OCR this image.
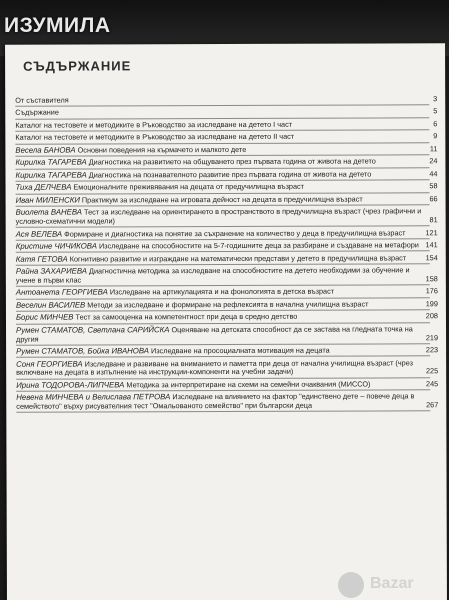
ИЗУМИЛА
СЪДЪРЖАНИЕ
От съставителя	3
Съдържание	5
Каталог на тестовете и методиките в Ръководство за изследване на детето I част	6
Каталог на тестовете и методиките в Ръководство за изследване на детето II част	9
Веселa БАНОВА Основни поведения на кърмачето и малкото дете	11
Кирилка ТАГАРЕВА Диагностика на развитието на общуването през първата година от живота на детето	24
Кирилка ТАГАРЕВА Диагностика на познавателното развитие през първата година от живота на детето	44
Тихa ДЕЛЧЕВА Емоционалните преживявания на децата от предучилищна възраст	58
Иван МИЛЕНСКИ Практикум за изследване на игровата дейност на децата в предучилищна възраст	66
Виолета ВАНЕВА Тест за изследване на ориентирането в пространството в предучилищна възраст (чрез графични и условно-схематични модели)	81
Ася ВЕЛЕВА Формиране и диагностика на понятие за съхранение на количество у деца в предучилищна възраст	121
Кристине ЧИЧИКОВА Изследване на способностите на 5-7-годишните деца за разбиране и създаване на метафори 141
Катя ГЕТОВА Когнитивно развитие и изграждане на математически представи у детето в предучилищна възраст	154
Райна ЗАХАРИЕВА Диагностична методика за изследване на способностите на детето необходими за обучение и учене в първи клас	158
Антоанета ГЕОРГИЕВА Изследване на артикулацията и на фонологията в детска възраст	176
Веселин ВАСИЛЕВ Методи за изследване и формиране на рефлексията в начална училищна възраст	199
Борис МИНЧЕВ Тест за самооценка на компетентност при деца в средно детство	208
Румен СТАМАТОВ, Светлана САРИЙСКА Оценяване на детската способност да се застава на гледната точка на другия	219
Румен СТАМАТОВ, Бойка ИВАНОВА Изследване на просоциалната мотивация на децата	223
Соня ГЕОРГИЕВА Изследване и развиване на вниманието и паметта при деца от начална училищна възраст (чрез включване на децата в изпълнение на инструкции-компоненти на учебни задачи)	225
Ирина ТОДОРОВА-ЛИПЧЕВА Методика за интерпретиране на схеми на семейни очаквания (МИССО)	245
Невена МИНЧЕВА и Велислава ПЕТРОВА Изследване на влиянието на фактор "единствено дете – повече деца в семейството" върху рисувателния тест "Омальованото семейство" при български деца	267
Bazar
